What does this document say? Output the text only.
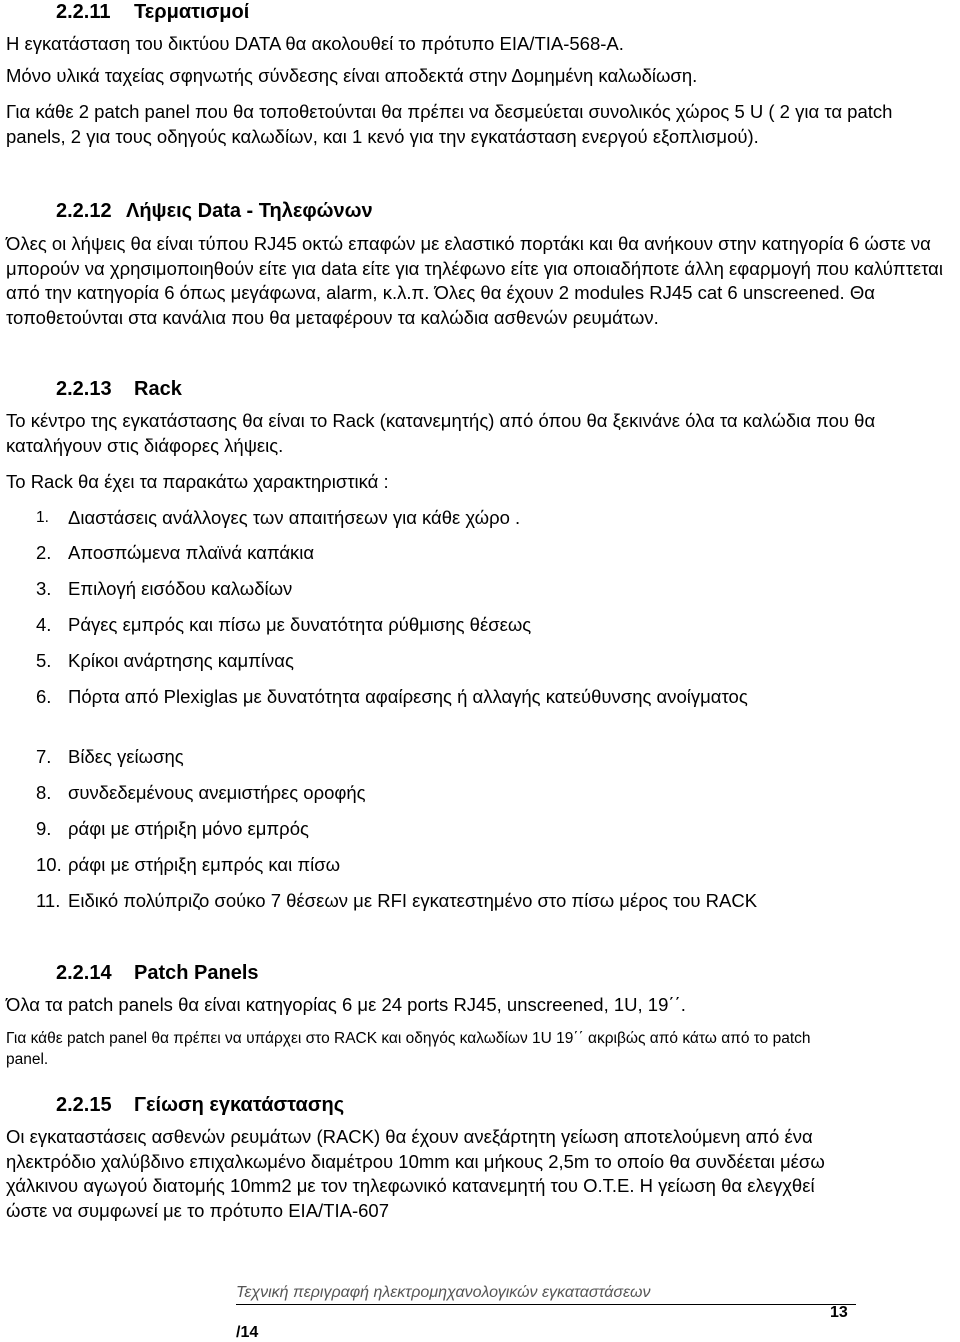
2.2.11 Τερματισμοί
Η εγκατάσταση του δικτύου DATA θα ακολουθεί το πρότυπο EIA/TIA-568-A.
Μόνο υλικά ταχείας σφηνωτής σύνδεσης είναι αποδεκτά στην Δομημένη καλωδίωση.
Για κάθε 2 patch panel που θα τοποθετούνται θα πρέπει να δεσμεύεται συνολικός χώρος 5 U ( 2 για τα patch panels, 2 για τους οδηγούς καλωδίων, και 1 κενό για την εγκατάσταση ενεργού εξοπλισμού).
2.2.12 Λήψεις Data - Τηλεφώνων
Όλες οι λήψεις θα είναι τύπου RJ45 οκτώ επαφών με ελαστικό πορτάκι και θα ανήκουν στην κατηγορία 6 ώστε να μπορούν να χρησιμοποιηθούν είτε για data είτε για τηλέφωνο είτε για οποιαδήποτε άλλη εφαρμογή που καλύπτεται από την κατηγορία 6 όπως μεγάφωνα, alarm, κ.λ.π. Όλες θα έχουν 2 modules RJ45 cat 6 unscreened. Θα τοποθετούνται στα κανάλια που θα μεταφέρουν τα καλώδια ασθενών ρευμάτων.
2.2.13 Rack
Το κέντρο της εγκατάστασης θα είναι το Rack (κατανεμητής) από όπου θα ξεκινάνε όλα τα καλώδια που θα καταλήγουν στις διάφορες λήψεις.
Το Rack θα έχει τα παρακάτω χαρακτηριστικά :
1.	Διαστάσεις ανάλλογες των απαιτήσεων για κάθε χώρο .
2. Αποσπώμενα πλαϊνά καπάκια
3. Επιλογή εισόδου καλωδίων
4. Ράγες εμπρός και πίσω με δυνατότητα ρύθμισης θέσεως
5. Κρίκοι ανάρτησης καμπίνας
6. Πόρτα από Plexiglas με δυνατότητα αφαίρεσης ή αλλαγής κατεύθυνσης ανοίγματος
7. Βίδες γείωσης
8. συνδεδεμένους ανεμιστήρες οροφής
9. ράφι με στήριξη μόνο εμπρός
10. ράφι με στήριξη εμπρός και πίσω
11. Ειδικό πολύπριζο σούκο 7 θέσεων με RFI εγκατεστημένο στο πίσω μέρος του RACK
2.2.14 Patch Panels
Όλα τα patch panels θα είναι κατηγορίας 6 με 24 ports RJ45, unscreened, 1U, 19΄΄.
Για κάθε patch panel θα πρέπει να υπάρχει στο RACK και οδηγός καλωδίων 1U 19΄΄ ακριβώς από κάτω από το patch panel.
2.2.15 Γείωση εγκατάστασης
Οι εγκαταστάσεις ασθενών ρευμάτων (RACK) θα έχουν ανεξάρτητη γείωση αποτελούμενη από ένα ηλεκτρόδιο χαλύβδινο επιχαλκωμένο διαμέτρου 10mm και μήκους 2,5m το οποίο θα συνδέεται μέσω χάλκινου αγωγού διατομής 10mm2 με τον τηλεφωνικό κατανεμητή του Ο.Τ.Ε. Η γείωση θα ελεγχθεί ώστε να συμφωνεί με το πρότυπο EIA/TIA-607
Τεχνική περιγραφή ηλεκτρομηχανολογικών εγκαταστάσεων
13
/14
